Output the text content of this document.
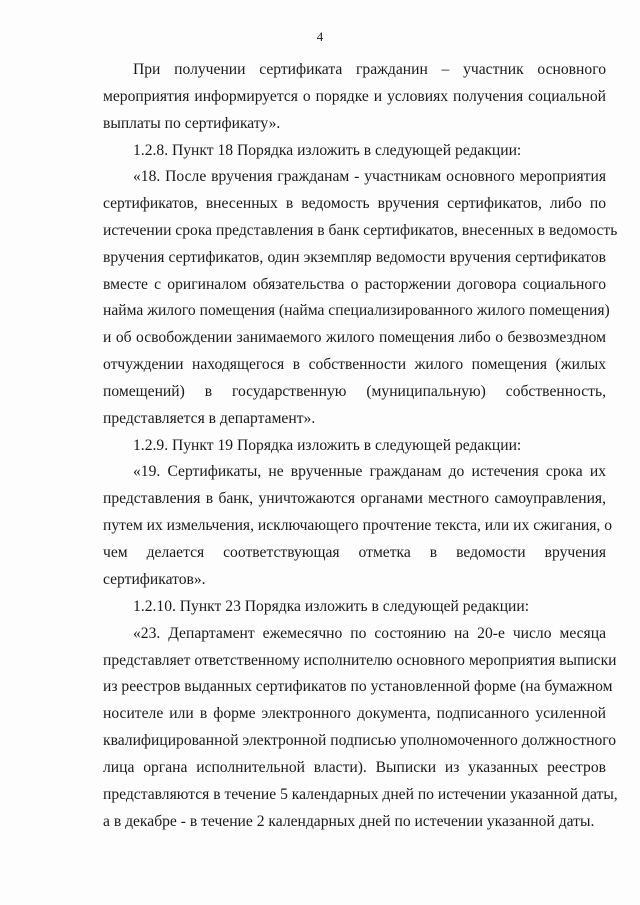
4
При получении сертификата гражданин – участник основного
мероприятия информируется о порядке и условиях получения социальной
выплаты по сертификату».
1.2.8. Пункт 18 Порядка изложить в следующей редакции:
«18. После вручения гражданам - участникам основного мероприятия
сертификатов, внесенных в ведомость вручения сертификатов, либо по
истечении срока представления в банк сертификатов, внесенных в ведомость
вручения сертификатов, один экземпляр ведомости вручения сертификатов
вместе с оригиналом обязательства о расторжении договора социального
найма жилого помещения (найма специализированного жилого помещения)
и об освобождении занимаемого жилого помещения либо о безвозмездном
отчуждении находящегося в собственности жилого помещения (жилых
помещений) в государственную (муниципальную) собственность,
представляется в департамент».
1.2.9. Пункт 19 Порядка изложить в следующей редакции:
«19. Сертификаты, не врученные гражданам до истечения срока их
представления в банк, уничтожаются органами местного самоуправления,
путем их измельчения, исключающего прочтение текста, или их сжигания, о
чем делается соответствующая отметка в ведомости вручения
сертификатов».
1.2.10. Пункт 23 Порядка изложить в следующей редакции:
«23. Департамент ежемесячно по состоянию на 20-е число месяца
представляет ответственному исполнителю основного мероприятия выписки
из реестров выданных сертификатов по установленной форме (на бумажном
носителе или в форме электронного документа, подписанного усиленной
квалифицированной электронной подписью уполномоченного должностного
лица органа исполнительной власти). Выписки из указанных реестров
представляются в течение 5 календарных дней по истечении указанной даты,
а в декабре - в течение 2 календарных дней по истечении указанной даты.
